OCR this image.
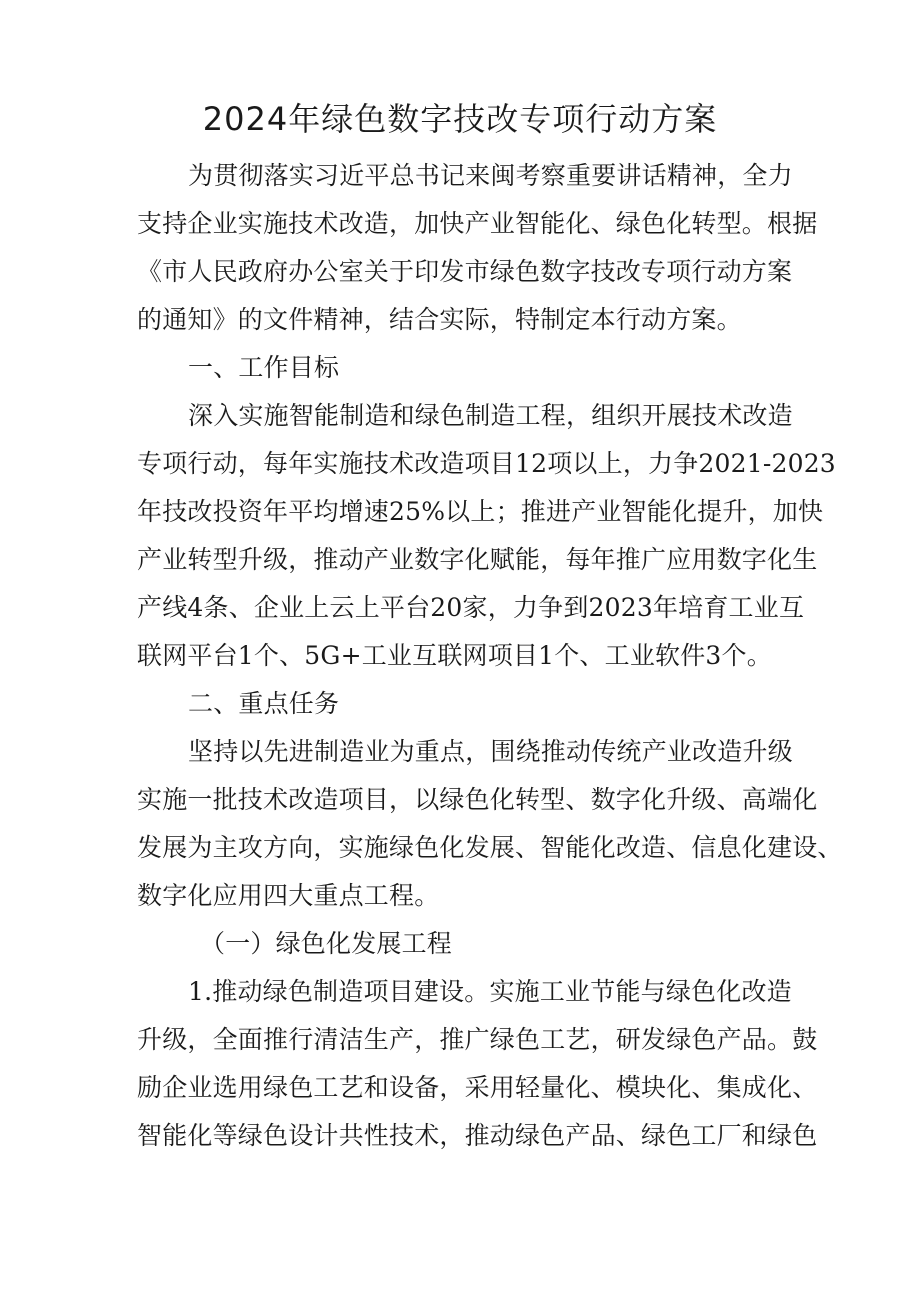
2024年绿色数字技改专项行动方案
为贯彻落实习近平总书记来闽考察重要讲话精神，全力
支持企业实施技术改造，加快产业智能化、绿色化转型。根据
《市人民政府办公室关于印发市绿色数字技改专项行动方案
的通知》的文件精神，结合实际，特制定本行动方案。
一、工作目标
深入实施智能制造和绿色制造工程，组织开展技术改造
专项行动，每年实施技术改造项目12项以上，力争2021-2023
年技改投资年平均增速25%以上；推进产业智能化提升，加快
产业转型升级，推动产业数字化赋能，每年推广应用数字化生
产线4条、企业上云上平台20家，力争到2023年培育工业互
联网平台1个、5G+工业互联网项目1个、工业软件3个。
二、重点任务
坚持以先进制造业为重点，围绕推动传统产业改造升级
实施一批技术改造项目，以绿色化转型、数字化升级、高端化
发展为主攻方向，实施绿色化发展、智能化改造、信息化建设、
数字化应用四大重点工程。
（一）绿色化发展工程
1.推动绿色制造项目建设。实施工业节能与绿色化改造
升级，全面推行清洁生产，推广绿色工艺，研发绿色产品。鼓
励企业选用绿色工艺和设备，采用轻量化、模块化、集成化、
智能化等绿色设计共性技术，推动绿色产品、绿色工厂和绿色
